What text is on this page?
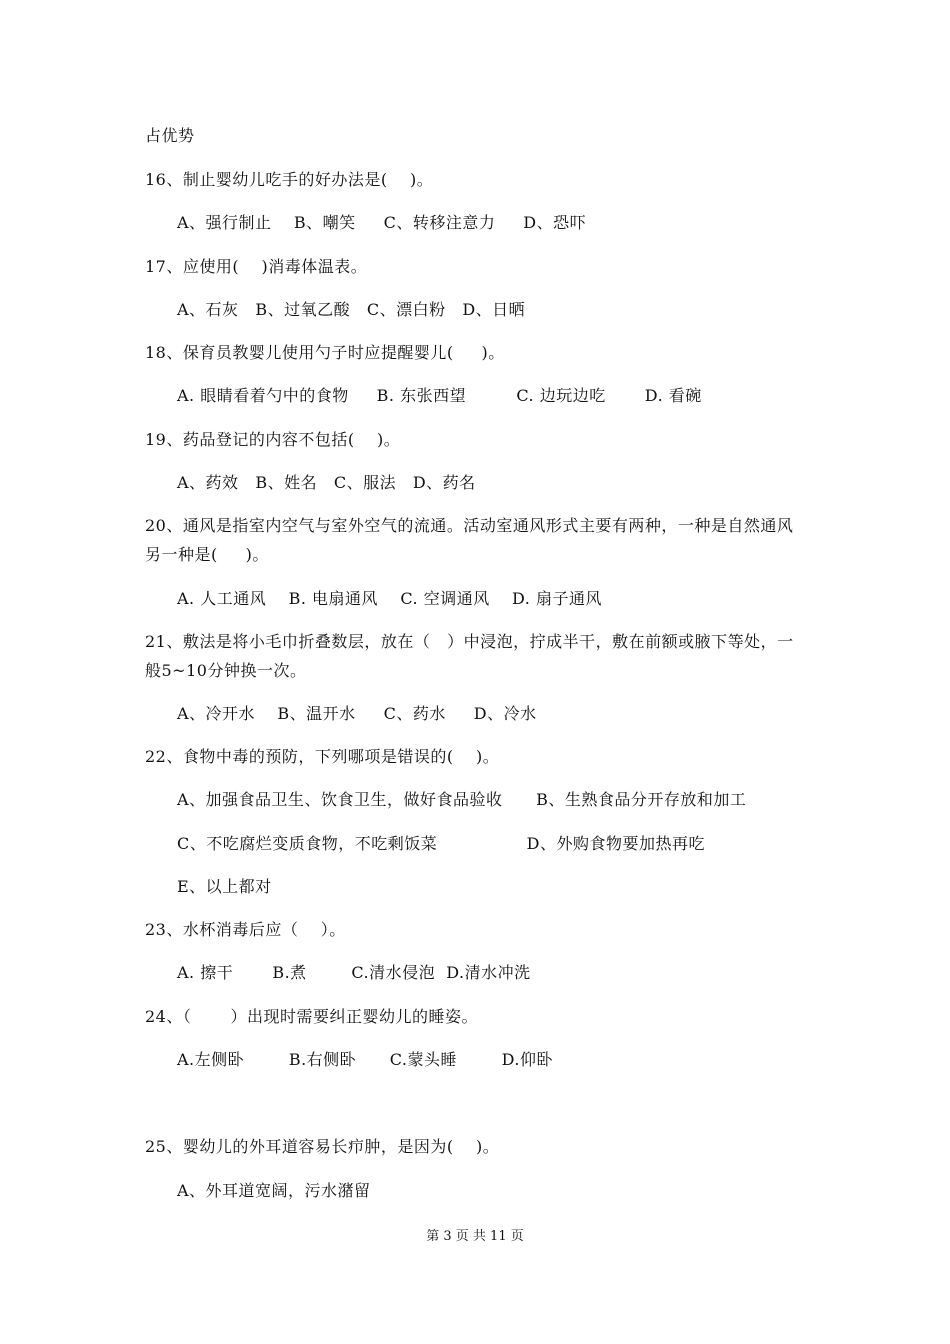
占优势
16、制止婴幼儿吃手的好办法是(    )。
A、强行制止    B、嘲笑     C、转移注意力     D、恐吓
17、应使用(    )消毒体温表。
A、石灰   B、过氧乙酸   C、漂白粉   D、日晒
18、保育员教婴儿使用勺子时应提醒婴儿(     )。
A. 眼睛看着勺中的食物     B. 东张西望         C. 边玩边吃       D. 看碗
19、药品登记的内容不包括(    )。
A、药效   B、姓名   C、服法   D、药名
20、通风是指室内空气与室外空气的流通。活动室通风形式主要有两种，一种是自然通风
另一种是(     )。
A. 人工通风    B. 电扇通风    C. 空调通风    D. 扇子通风
21、敷法是将小毛巾折叠数层，放在（   ）中浸泡，拧成半干，敷在前额或腋下等处，一
般5~10分钟换一次。
A、冷开水    B、温开水     C、药水     D、冷水
22、食物中毒的预防，下列哪项是错误的(    )。
A、加强食品卫生、饮食卫生，做好食品验收      B、生熟食品分开存放和加工
C、不吃腐烂变质食物，不吃剩饭菜                D、外购食物要加热再吃
E、以上都对
23、水杯消毒后应（    ）。
A. 擦干       B.煮        C.清水侵泡  D.清水冲洗
24、（       ）出现时需要纠正婴幼儿的睡姿。
A.左侧卧        B.右侧卧      C.蒙头睡        D.仰卧
25、婴幼儿的外耳道容易长疖肿，是因为(    )。
A、外耳道宽阔，污水潴留
第 3 页 共 11 页
